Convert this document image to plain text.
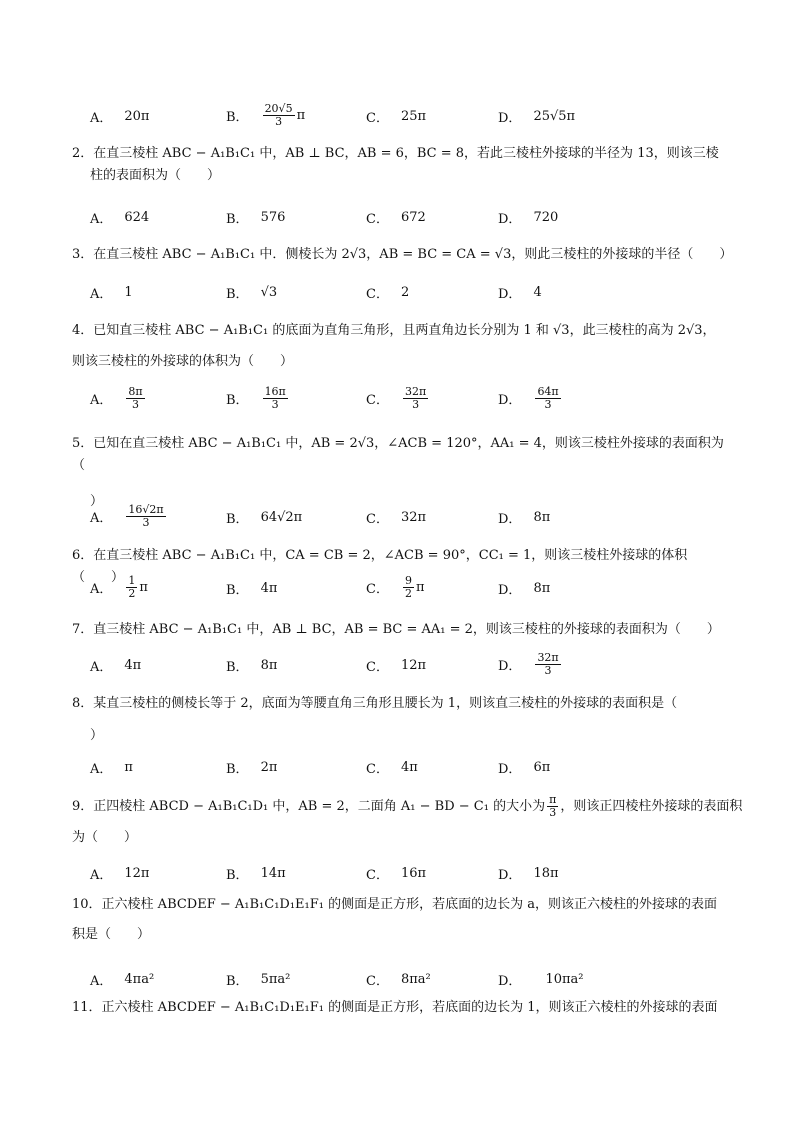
A． 20π	B． $\frac{20√5}{3}$ π	C． 25π	D． 25√5π
2．在直三棱柱 ABC − A₁B₁C₁ 中，AB ⊥ BC，AB = 6，BC = 8，若此三棱柱外接球的半径为 13，则该三棱
柱的表面积为（　　）
A． 624	B． 576	C． 672	D． 720
3．在直三棱柱 ABC − A₁B₁C₁ 中．侧棱长为 2√3，AB = BC = CA = √3，则此三棱柱的外接球的半径（　　）
A． 1	B． √3	C． 2	D． 4
4．已知直三棱柱 ABC − A₁B₁C₁ 的底面为直角三角形，且两直角边长分别为 1 和 √3，此三棱柱的高为 2√3，
则该三棱柱的外接球的体积为（　　）
A． $\frac{8\pi}{3}$	B． $\frac{16\pi}{3}$	C． $\frac{32\pi}{3}$	D． $\frac{64\pi}{3}$
5．已知在直三棱柱 ABC − A₁B₁C₁ 中，AB = 2√3，∠ACB = 120°，AA₁ = 4，则该三棱柱外接球的表面积为（
）
A． $\frac{16√2\pi}{3}$	B． 64√2π	C． 32π	D． 8π
6．在直三棱柱 ABC − A₁B₁C₁ 中，CA = CB = 2，∠ACB = 90°，CC₁ = 1，则该三棱柱外接球的体积（　　）
A． $\frac{1}{2}$ π	B． 4π	C． $\frac{9}{2}$ π	D． 8π
7．直三棱柱 ABC − A₁B₁C₁ 中，AB ⊥ BC，AB = BC = AA₁ = 2，则该三棱柱的外接球的表面积为（　　）
A． 4π	B． 8π	C． 12π	D． $\frac{32\pi}{3}$
8．某直三棱柱的侧棱长等于 2，底面为等腰直角三角形且腰长为 1，则该直三棱柱的外接球的表面积是（
）
A． π	B． 2π	C． 4π	D． 6π
9．正四棱柱 ABCD − A₁B₁C₁D₁ 中，AB = 2，二面角 A₁ − BD − C₁ 的大小为 $\frac{\pi}{3}$ ，则该正四棱柱外接球的表面积
为（　　）
A． 12π	B． 14π	C． 16π	D． 18π
10．正六棱柱 ABCDEF − A₁B₁C₁D₁E₁F₁ 的侧面是正方形，若底面的边长为 a，则该正六棱柱的外接球的表面
积是（　　）
A． 4πa²	B． 5πa²	C． 8πa²	D． 10πa²
11．正六棱柱 ABCDEF − A₁B₁C₁D₁E₁F₁ 的侧面是正方形，若底面的边长为 1，则该正六棱柱的外接球的表面
